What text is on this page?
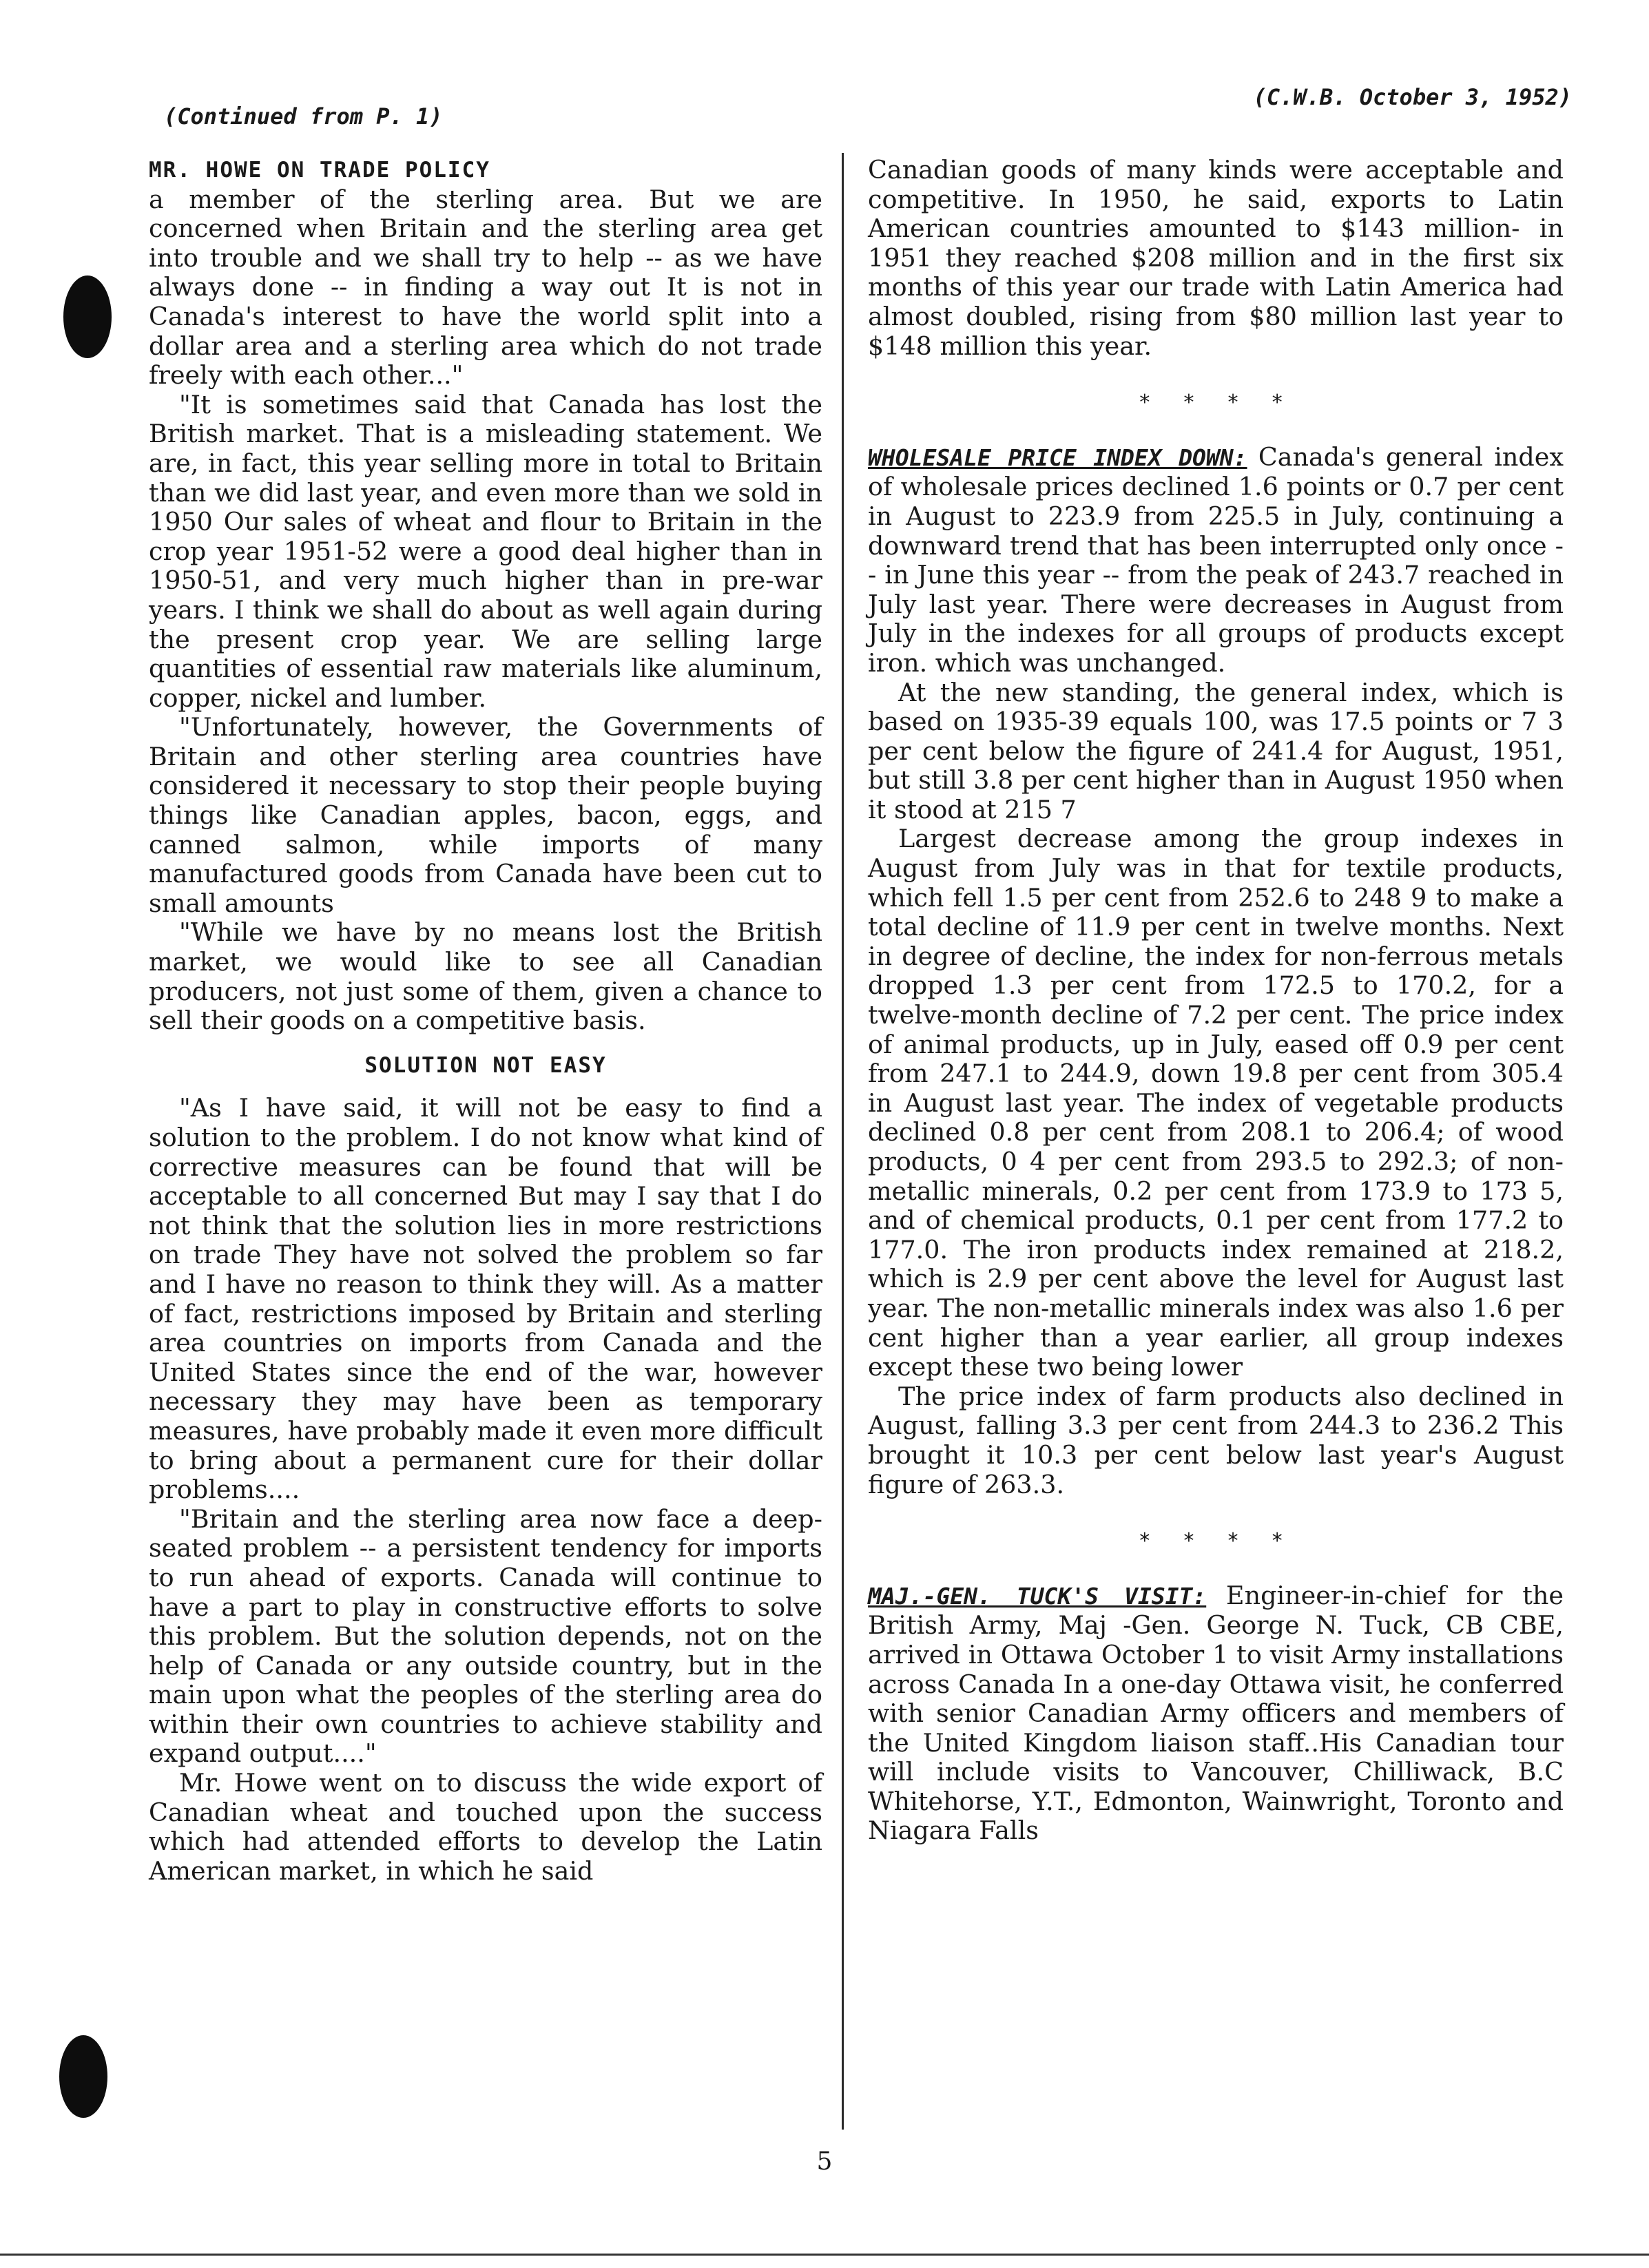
(Continued from P. 1)
(C.W.B. October 3, 1952)

MR. HOWE ON TRADE POLICY

a member of the sterling area. But we are concerned when Britain and the sterling area get into trouble and we shall try to help -- as we have always done -- in finding a way out It is not in Canada's interest to have the world split into a dollar area and a sterling area which do not trade freely with each other..."

"It is sometimes said that Canada has lost the British market. That is a misleading statement. We are, in fact, this year selling more in total to Britain than we did last year, and even more than we sold in 1950 Our sales of wheat and flour to Britain in the crop year 1951-52 were a good deal higher than in 1950-51, and very much higher than in pre-war years. I think we shall do about as well again during the present crop year. We are selling large quantities of essential raw materials like aluminum, copper, nickel and lumber.

"Unfortunately, however, the Governments of Britain and other sterling area countries have considered it necessary to stop their people buying things like Canadian apples, bacon, eggs, and canned salmon, while imports of many manufactured goods from Canada have been cut to small amounts

"While we have by no means lost the British market, we would like to see all Canadian producers, not just some of them, given a chance to sell their goods on a competitive basis.

SOLUTION NOT EASY

"As I have said, it will not be easy to find a solution to the problem. I do not know what kind of corrective measures can be found that will be acceptable to all concerned But may I say that I do not think that the solution lies in more restrictions on trade They have not solved the problem so far and I have no reason to think they will. As a matter of fact, restrictions imposed by Britain and sterling area countries on imports from Canada and the United States since the end of the war, however necessary they may have been as temporary measures, have probably made it even more difficult to bring about a permanent cure for their dollar problems....

"Britain and the sterling area now face a deep-seated problem -- a persistent tendency for imports to run ahead of exports. Canada will continue to have a part to play in constructive efforts to solve this problem. But the solution depends, not on the help of Canada or any outside country, but in the main upon what the peoples of the sterling area do within their own countries to achieve stability and expand output...."

Mr. Howe went on to discuss the wide export of Canadian wheat and touched upon the success which had attended efforts to develop the Latin American market, in which he said

Canadian goods of many kinds were acceptable and competitive. In 1950, he said, exports to Latin American countries amounted to $143 million- in 1951 they reached $208 million and in the first six months of this year our trade with Latin America had almost doubled, rising from $80 million last year to $148 million this year.

* * * *

WHOLESALE PRICE INDEX DOWN: Canada's general index of wholesale prices declined 1.6 points or 0.7 per cent in August to 223.9 from 225.5 in July, continuing a downward trend that has been interrupted only once -- in June this year -- from the peak of 243.7 reached in July last year. There were decreases in August from July in the indexes for all groups of products except iron. which was unchanged.

At the new standing, the general index, which is based on 1935-39 equals 100, was 17.5 points or 7 3 per cent below the figure of 241.4 for August, 1951, but still 3.8 per cent higher than in August 1950 when it stood at 215 7

Largest decrease among the group indexes in August from July was in that for textile products, which fell 1.5 per cent from 252.6 to 248 9 to make a total decline of 11.9 per cent in twelve months. Next in degree of decline, the index for non-ferrous metals dropped 1.3 per cent from 172.5 to 170.2, for a twelve-month decline of 7.2 per cent. The price index of animal products, up in July, eased off 0.9 per cent from 247.1 to 244.9, down 19.8 per cent from 305.4 in August last year. The index of vegetable products declined 0.8 per cent from 208.1 to 206.4; of wood products, 0 4 per cent from 293.5 to 292.3; of non-metallic minerals, 0.2 per cent from 173.9 to 173 5, and of chemical products, 0.1 per cent from 177.2 to 177.0. The iron products index remained at 218.2, which is 2.9 per cent above the level for August last year. The non-metallic minerals index was also 1.6 per cent higher than a year earlier, all group indexes except these two being lower

The price index of farm products also declined in August, falling 3.3 per cent from 244.3 to 236.2 This brought it 10.3 per cent below last year's August figure of 263.3.

* * * *

MAJ.-GEN. TUCK'S VISIT: Engineer-in-chief for the British Army, Maj -Gen. George N. Tuck, CB CBE, arrived in Ottawa October 1 to visit Army installations across Canada In a one-day Ottawa visit, he conferred with senior Canadian Army officers and members of the United Kingdom liaison staff..His Canadian tour will include visits to Vancouver, Chilliwack, B.C Whitehorse, Y.T., Edmonton, Wainwright, Toronto and Niagara Falls

5
